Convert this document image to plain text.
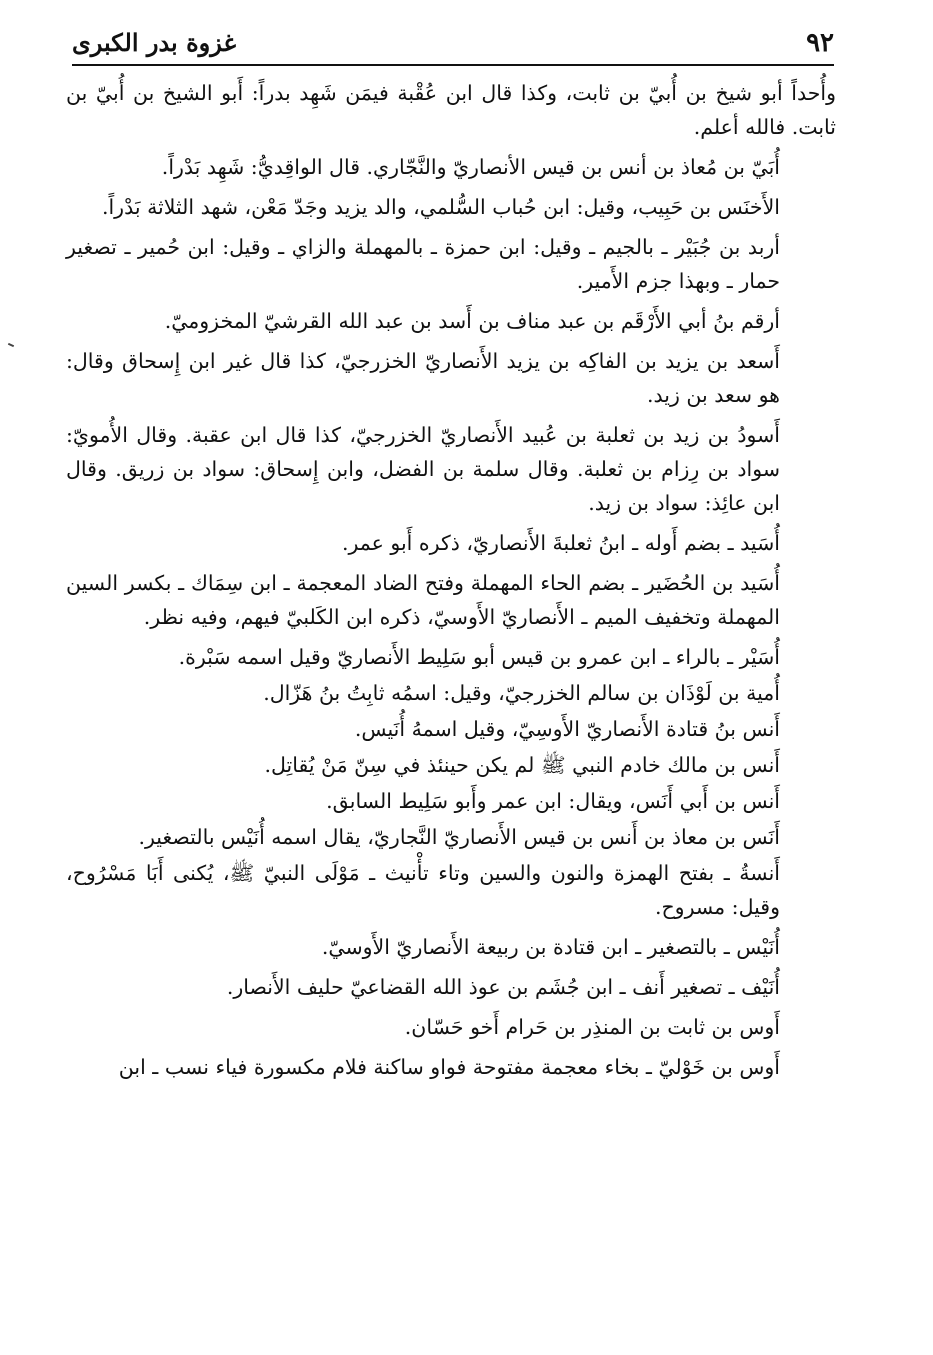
٩٢
غزوة بدر الكبرى

وأُحداً أبو شيخ بن أُبيّ بن ثابت، وكذا قال ابن عُقْبة فيمَن شَهِد بدراً: أَبو الشيخ بن أُبيّ بن ثابت. فالله أعلم.

أُبَيّ بن مُعاذ بن أنس بن قيس الأنصاريّ والنَّجّاري. قال الواقِديُّ: شَهِد بَدْراً.

الأَخنَس بن حَبِيب، وقيل: ابن حُباب السُّلمي، والد يزيد وجَدّ مَعْن، شهد الثلاثة بَدْراً.

أربد بن جُبَيْر ـ بالجيم ـ وقيل: ابن حمزة ـ بالمهملة والزاي ـ وقيل: ابن حُمير ـ تصغير حمار ـ وبهذا جزم الأَمير.

أرقم بنُ أبي الأَرْقَم بن عبد مناف بن أَسد بن عبد الله القرشيّ المخزوميّ.

أَسعد بن يزيد بن الفاكِه بن يزيد الأَنصاريّ الخزرجيّ، كذا قال غير ابن إِسحاق وقال: هو سعد بن زيد.

أَسودُ بن زيد بن ثعلبة بن عُبيد الأَنصاريّ الخزرجيّ، كذا قال ابن عقبة. وقال الأُمويّ: سواد بن رِزام بن ثعلبة. وقال سلمة بن الفضل، وابن إِسحاق: سواد بن زريق. وقال ابن عائِذ: سواد بن زيد.

أُسَيد ـ بضم أَوله ـ ابنُ ثعلبةَ الأَنصاريّ، ذكره أَبو عمر.

أُسَيد بن الحُضَير ـ بضم الحاء المهملة وفتح الضاد المعجمة ـ ابن سِمَاك ـ بكسر السين المهملة وتخفيف الميم ـ الأَنصاريّ الأَوسيّ، ذكره ابن الكَلبيّ فيهم، وفيه نظر.

أُسَيْر ـ بالراء ـ ابن عمرو بن قيس أبو سَلِيط الأَنصاريّ وقيل اسمه سَبْرة.

أُمية بن لَوْذَان بن سالم الخزرجيّ، وقيل: اسمُه ثابِتُ بنُ هَزّال.

أَنس بنُ قتادة الأَنصاريّ الأَوسِيّ، وقيل اسمهُ أُنَيس.

أَنس بن مالك خادم النبي ﷺ لم يكن حينئذ في سِنّ مَنْ يُقاتِل.

أَنس بن أَبي أَنَس، ويقال: ابن عمر وأَبو سَلِيط السابق.

أَنَس بن معاذ بن أَنس بن قيس الأَنصاريّ النَّجاريّ، يقال اسمه أُنَيْس بالتصغير.

أَنسةُ ـ بفتح الهمزة والنون والسين وتاء تأْنيث ـ مَوْلَى النبيّ ﷺ، يُكنى أَبَا مَسْرُوح، وقيل: مسروح.

أُنَيْس ـ بالتصغير ـ ابن قتادة بن ربيعة الأَنصاريّ الأَوسيّ.

أُنَيْف ـ تصغير أَنف ـ ابن جُشَم بن عوذ الله القضاعيّ حليف الأَنصار.

أَوس بن ثابت بن المنذِر بن حَرام أَخو حَسّان.

أَوس بن خَوْليّ ـ بخاء معجمة مفتوحة فواو ساكنة فلام مكسورة فياء نسب ـ ابن
